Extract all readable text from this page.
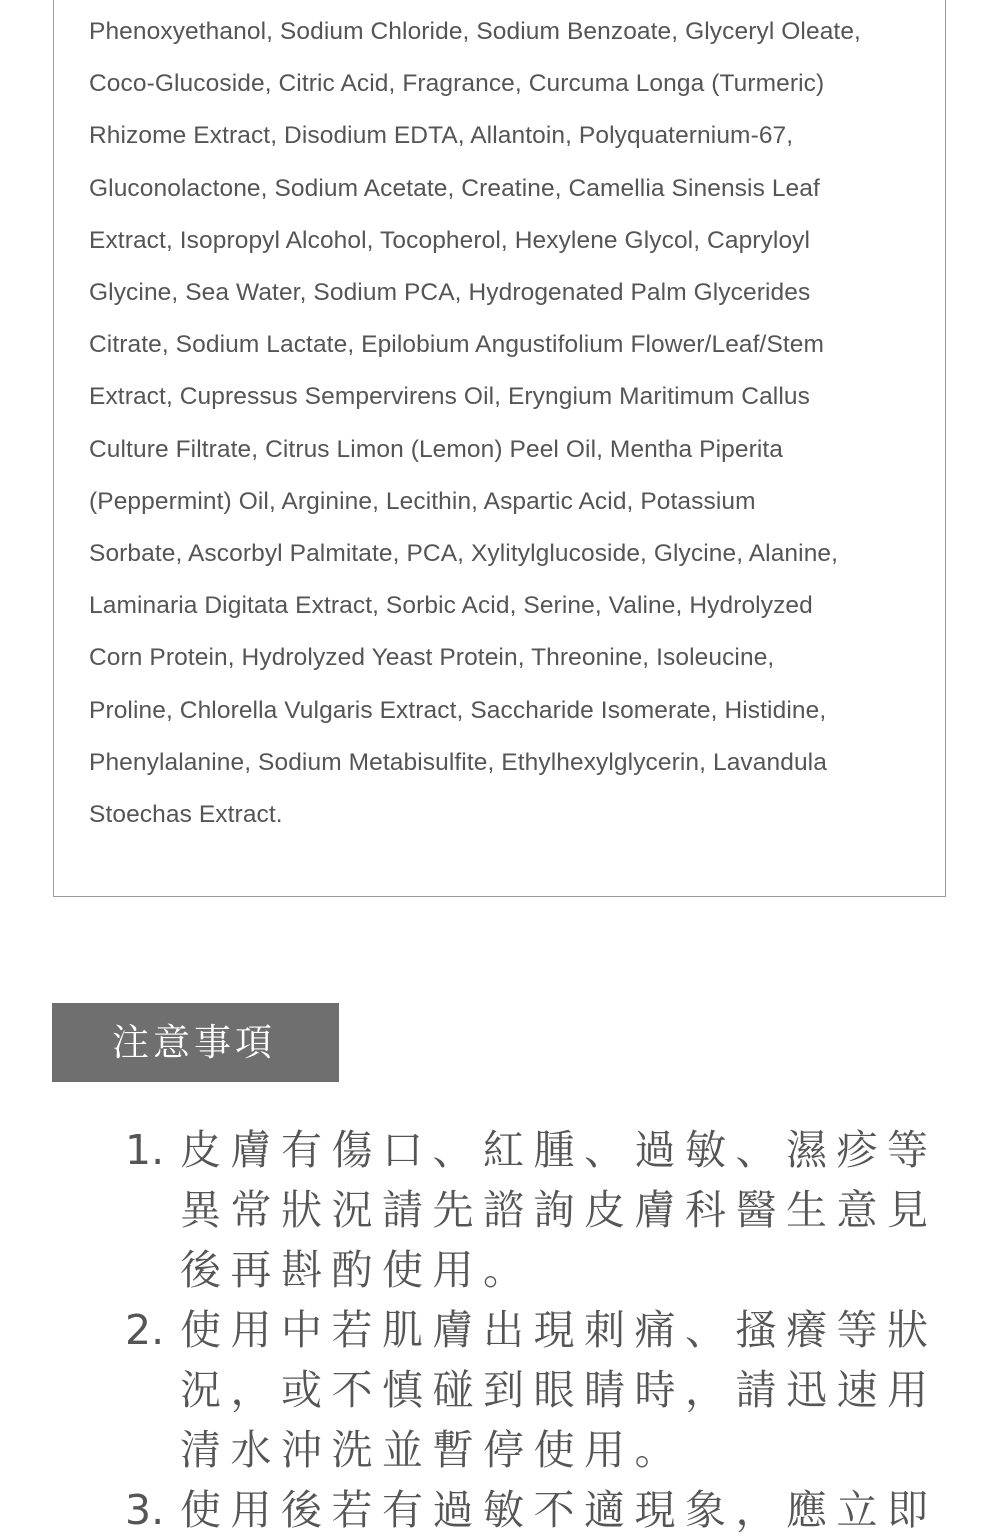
Phenoxyethanol, Sodium Chloride, Sodium Benzoate, Glyceryl Oleate,
Coco-Glucoside, Citric Acid, Fragrance, Curcuma Longa (Turmeric)
Rhizome Extract, Disodium EDTA, Allantoin, Polyquaternium-67,
Gluconolactone, Sodium Acetate, Creatine, Camellia Sinensis Leaf
Extract, Isopropyl Alcohol, Tocopherol, Hexylene Glycol, Capryloyl
Glycine, Sea Water, Sodium PCA, Hydrogenated Palm Glycerides
Citrate, Sodium Lactate, Epilobium Angustifolium Flower/Leaf/Stem
Extract, Cupressus Sempervirens Oil, Eryngium Maritimum Callus
Culture Filtrate, Citrus Limon (Lemon) Peel Oil, Mentha Piperita
(Peppermint) Oil, Arginine, Lecithin, Aspartic Acid, Potassium
Sorbate, Ascorbyl Palmitate, PCA, Xylitylglucoside, Glycine, Alanine,
Laminaria Digitata Extract, Sorbic Acid, Serine, Valine, Hydrolyzed
Corn Protein, Hydrolyzed Yeast Protein, Threonine, Isoleucine,
Proline, Chlorella Vulgaris Extract, Saccharide Isomerate, Histidine,
Phenylalanine, Sodium Metabisulfite, Ethylhexylglycerin, Lavandula
Stoechas Extract.

注意事項
1. 皮膚有傷口、紅腫、過敏、濕疹等
異常狀況請先諮詢皮膚科醫生意見
後再斟酌使用。
2. 使用中若肌膚出現刺痛、搔癢等狀
況，或不慎碰到眼睛時，請迅速用
清水沖洗並暫停使用。
3. 使用後若有過敏不適現象，應立即
